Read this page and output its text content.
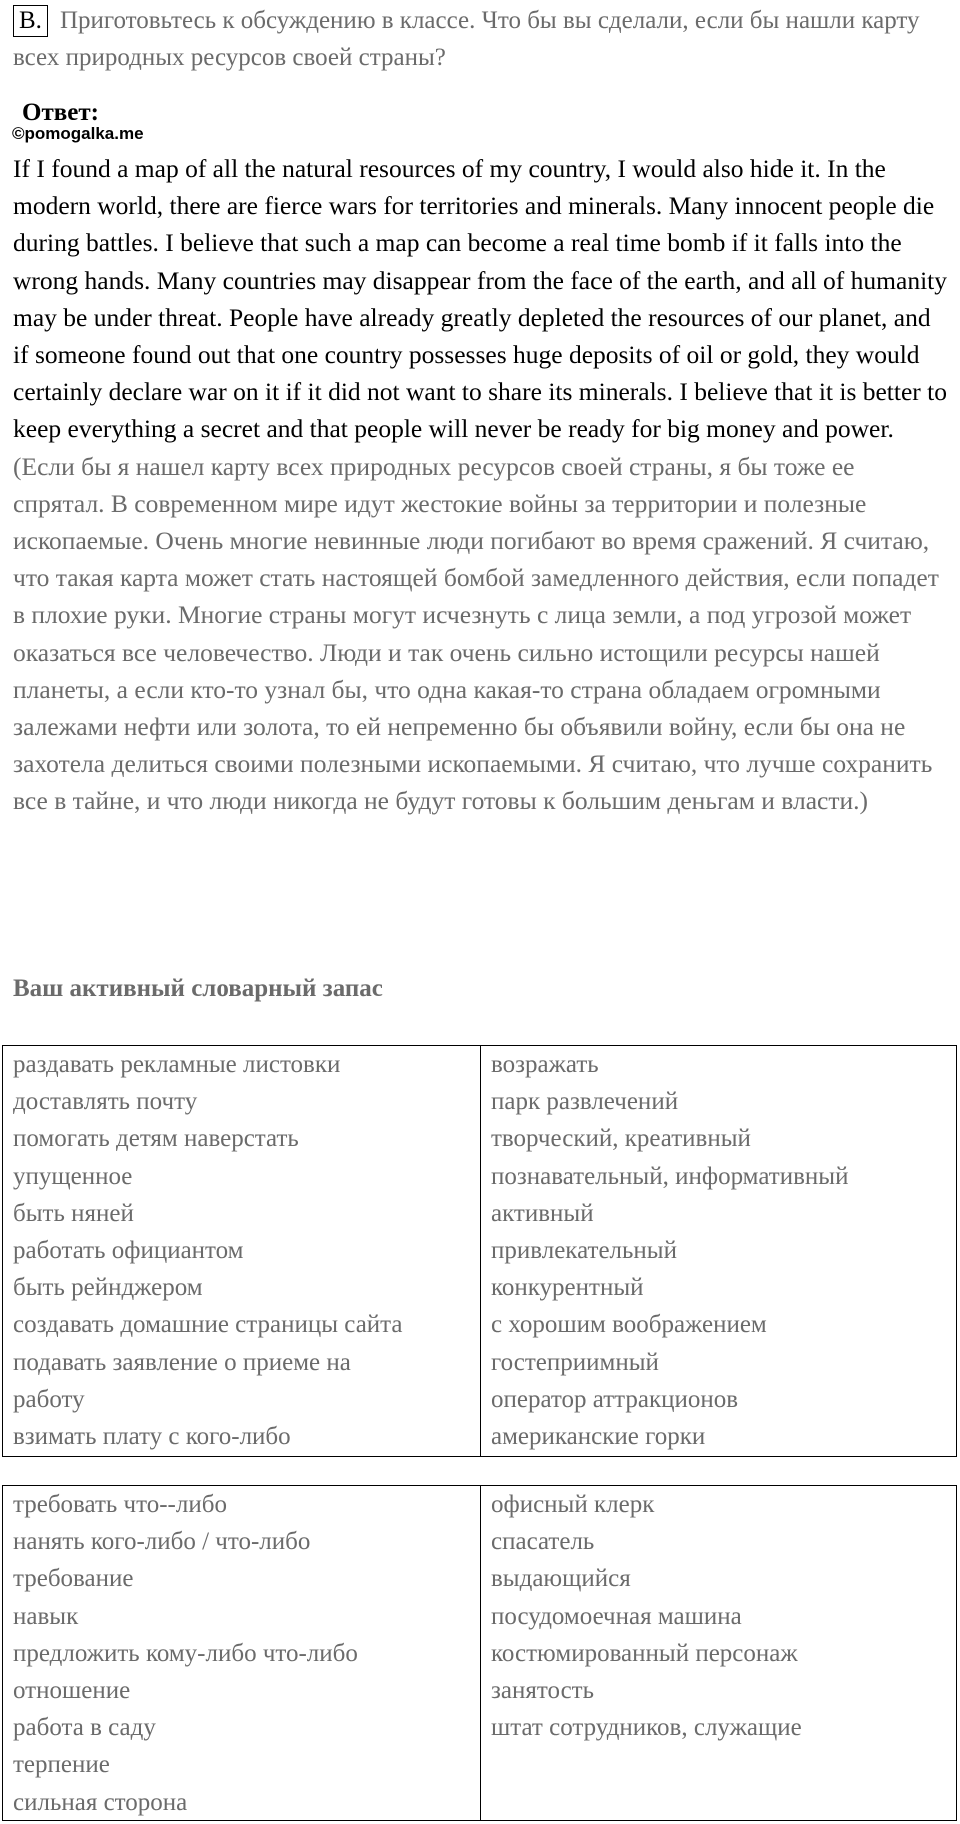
B. Приготовьтесь к обсуждению в классе. Что бы вы сделали, если бы нашли карту всех природных ресурсов своей страны?
Ответ:
©pomogalka.me
If I found a map of all the natural resources of my country, I would also hide it. In the modern world, there are fierce wars for territories and minerals. Many innocent people die during battles. I believe that such a map can become a real time bomb if it falls into the wrong hands. Many countries may disappear from the face of the earth, and all of humanity may be under threat. People have already greatly depleted the resources of our planet, and if someone found out that one country possesses huge deposits of oil or gold, they would certainly declare war on it if it did not want to share its minerals. I believe that it is better to keep everything a secret and that people will never be ready for big money and power. (Если бы я нашел карту всех природных ресурсов своей страны, я бы тоже ее спрятал. В современном мире идут жестокие войны за территории и полезные ископаемые. Очень многие невинные люди погибают во время сражений. Я считаю, что такая карта может стать настоящей бомбой замедленного действия, если попадет в плохие руки. Многие страны могут исчезнуть с лица земли, а под угрозой может оказаться все человечество. Люди и так очень сильно истощили ресурсы нашей планеты, а если кто-то узнал бы, что одна какая-то страна обладаем огромными залежами нефти или золота, то ей непременно бы объявили войну, если бы она не захотела делиться своими полезными ископаемыми. Я считаю, что лучше сохранить все в тайне, и что люди никогда не будут готовы к большим деньгам и власти.)
Ваш активный словарный запас
раздавать рекламные листовки
доставлять почту
помогать детям наверстать
упущенное
быть няней
работать официантом
быть рейнджером
создавать домашние страницы сайта
подавать заявление о приеме на
работу
взимать плату с кого-либо
возражать
парк развлечений
творческий, креативный
познавательный, информативный
активный
привлекательный
конкурентный
с хорошим воображением
гостеприимный
оператор аттракционов
американские горки
требовать что--либо
нанять кого-либо / что-либо
требование
навык
предложить кому-либо что-либо
отношение
работа в саду
терпение
сильная сторона
офисный клерк
спасатель
выдающийся
посудомоечная машина
костюмированный персонаж
занятость
штат сотрудников, служащие
